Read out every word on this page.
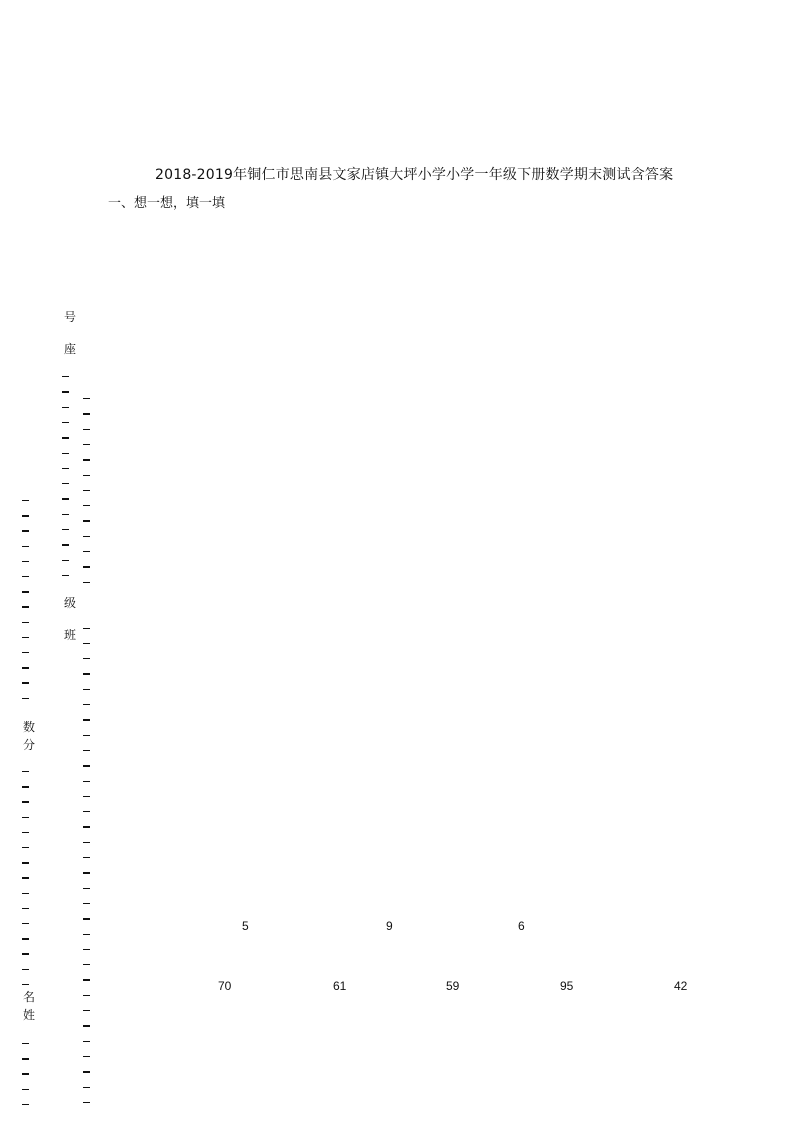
2018-2019年铜仁市思南县文家店镇大坪小学小学一年级下册数学期末测试含答案
一、想一想，填一填
号
座
级
班
数
分
名
姓
5	9	6
70	61	59	95	42
